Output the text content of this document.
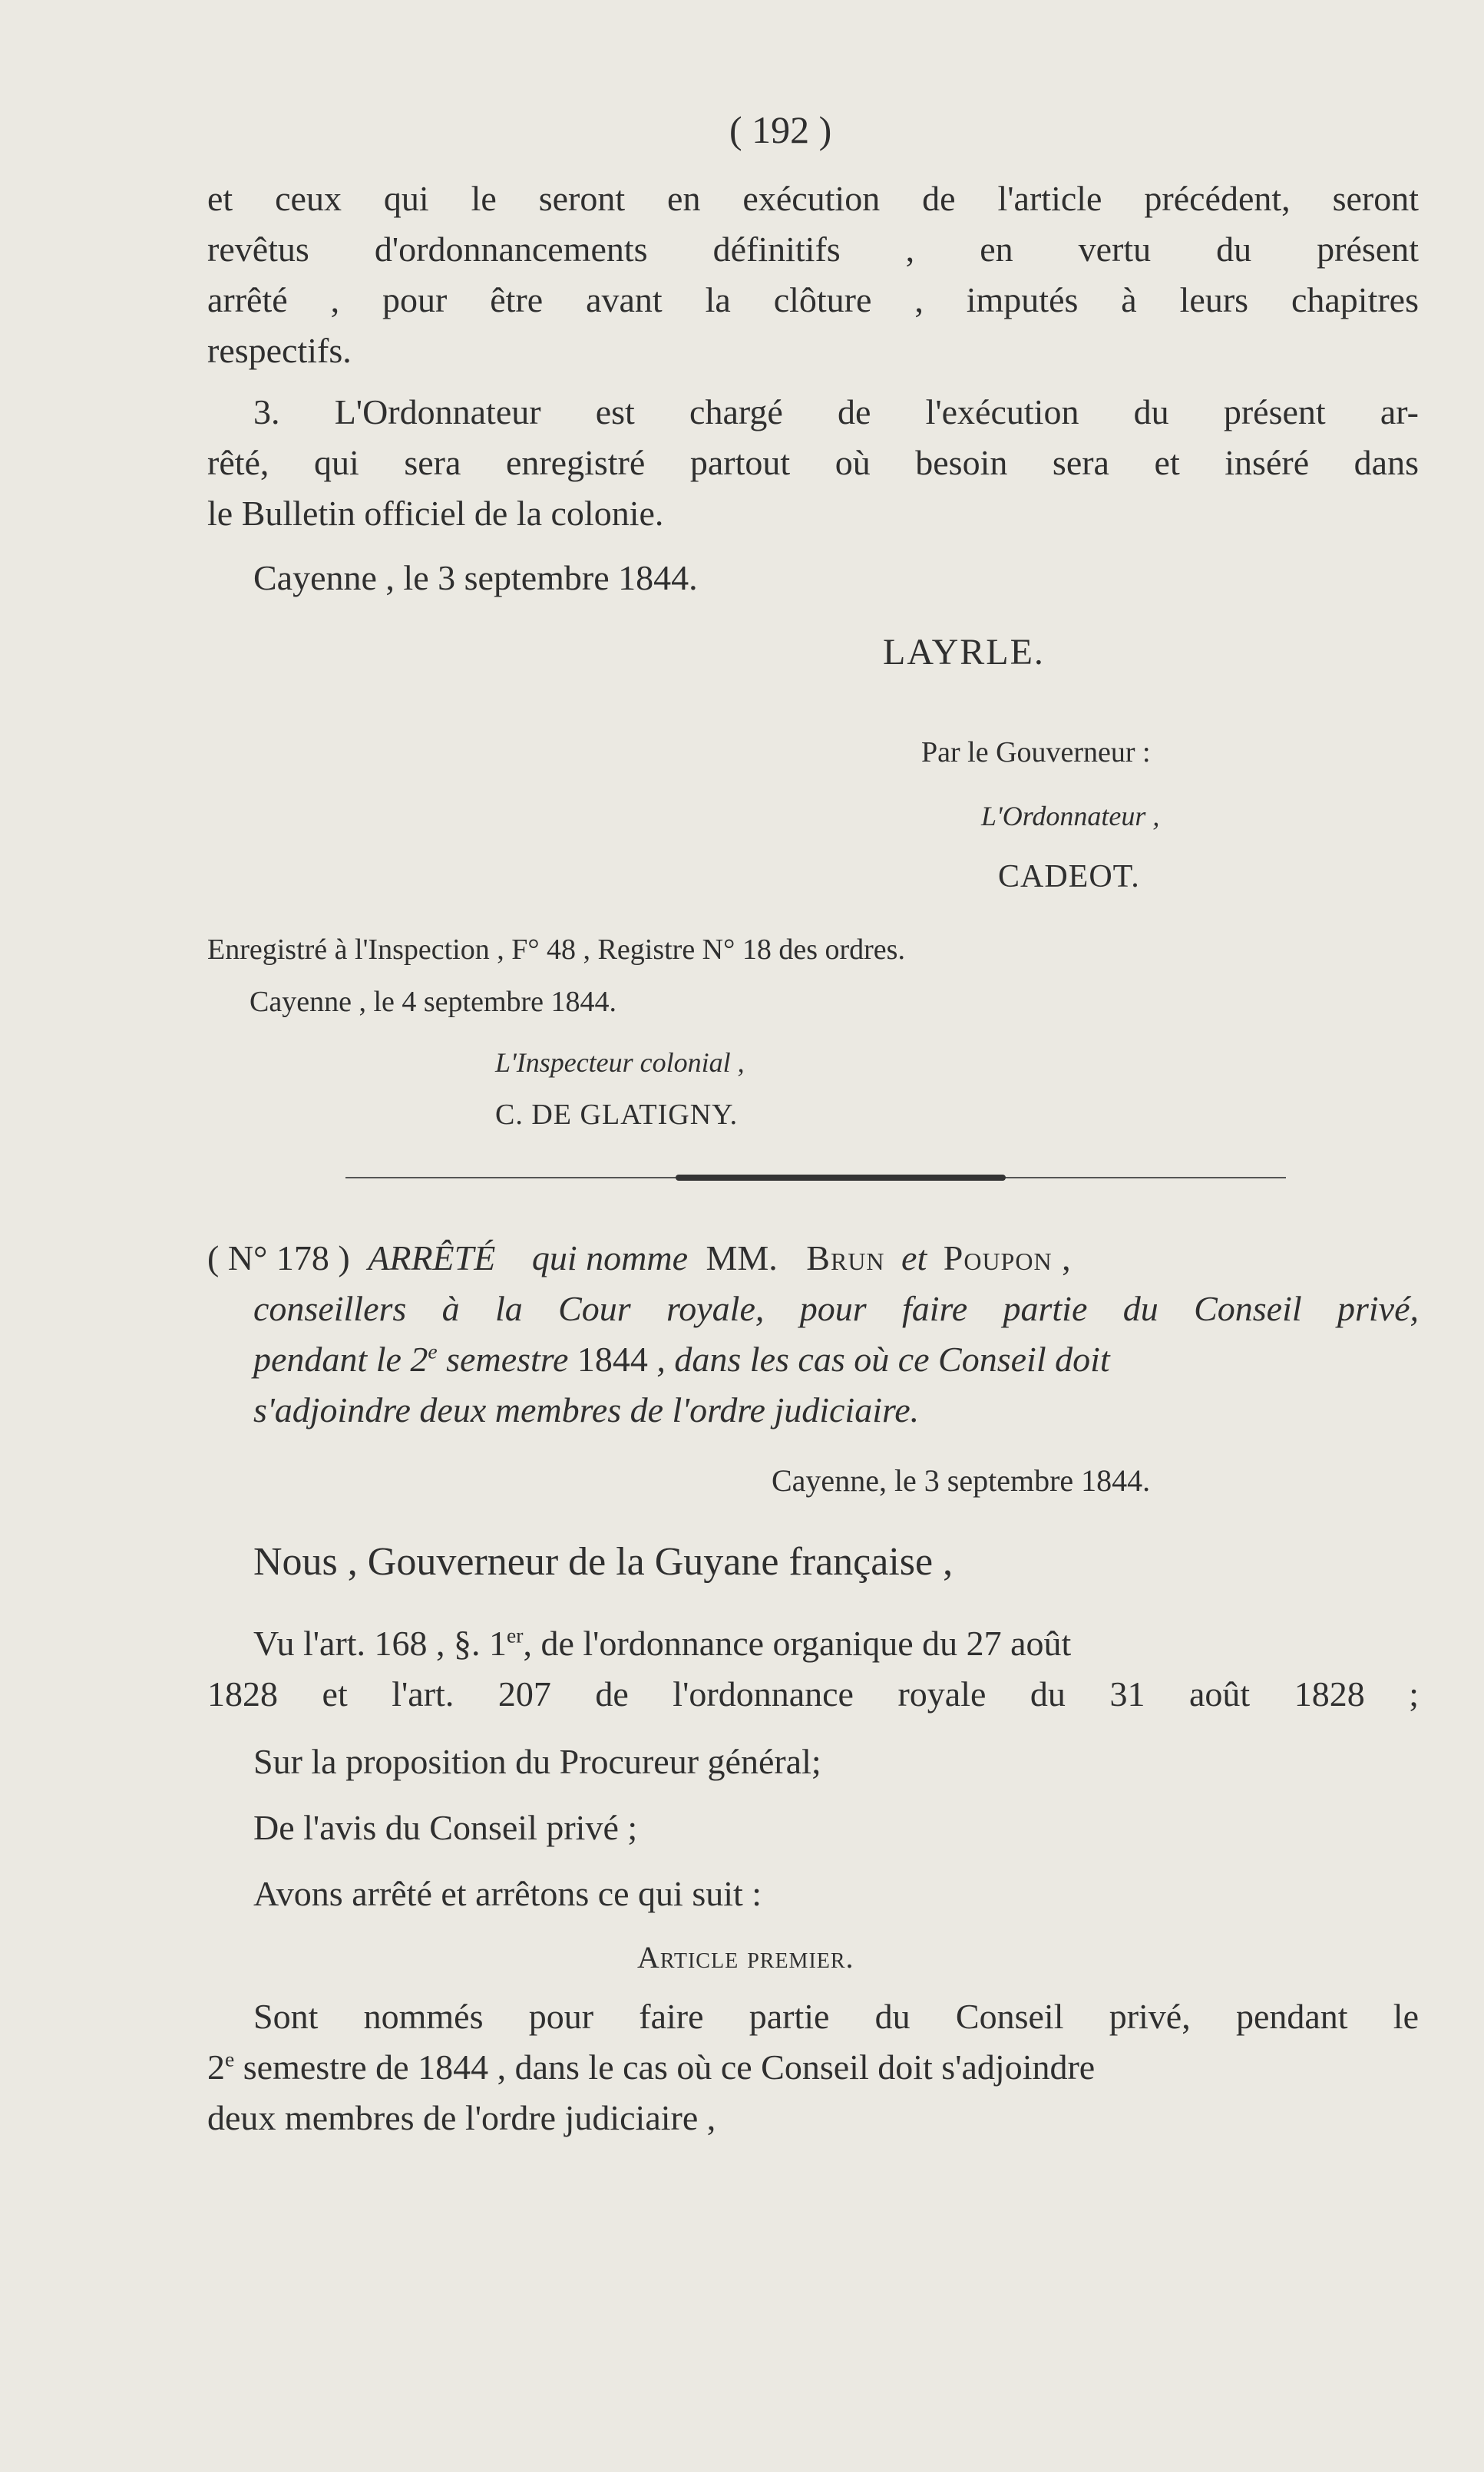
( 192 )
et ceux qui le seront en exécution de l'article précédent, seront
revêtus d'ordonnancements définitifs , en vertu du présent
arrêté , pour être avant la clôture , imputés à leurs chapitres
respectifs.
3. L'Ordonnateur est chargé de l'exécution du présent ar-
rêté, qui sera enregistré partout où besoin sera et inséré dans
le Bulletin officiel de la colonie.
Cayenne , le 3 septembre 1844.
LAYRLE.
Par le Gouverneur :
L'Ordonnateur ,
CADEOT.
Enregistré à l'Inspection , F° 48 , Registre N° 18 des ordres.
Cayenne , le 4 septembre 1844.
L'Inspecteur colonial ,
C. DE GLATIGNY.
( N° 178 ) ARRÊTÉ qui nomme MM. Brun et Poupon ,
conseillers à la Cour royale, pour faire partie du Conseil privé,
pendant le 2e semestre 1844 , dans les cas où ce Conseil doit
s'adjoindre deux membres de l'ordre judiciaire.
Cayenne, le 3 septembre 1844.
Nous , Gouverneur de la Guyane française ,
Vu l'art. 168 , §. 1er, de l'ordonnance organique du 27 août
1828 et l'art. 207 de l'ordonnance royale du 31 août 1828 ;
Sur la proposition du Procureur général;
De l'avis du Conseil privé ;
Avons arrêté et arrêtons ce qui suit :
Article premier.
Sont nommés pour faire partie du Conseil privé, pendant le
2e semestre de 1844 , dans le cas où ce Conseil doit s'adjoindre
deux membres de l'ordre judiciaire ,
